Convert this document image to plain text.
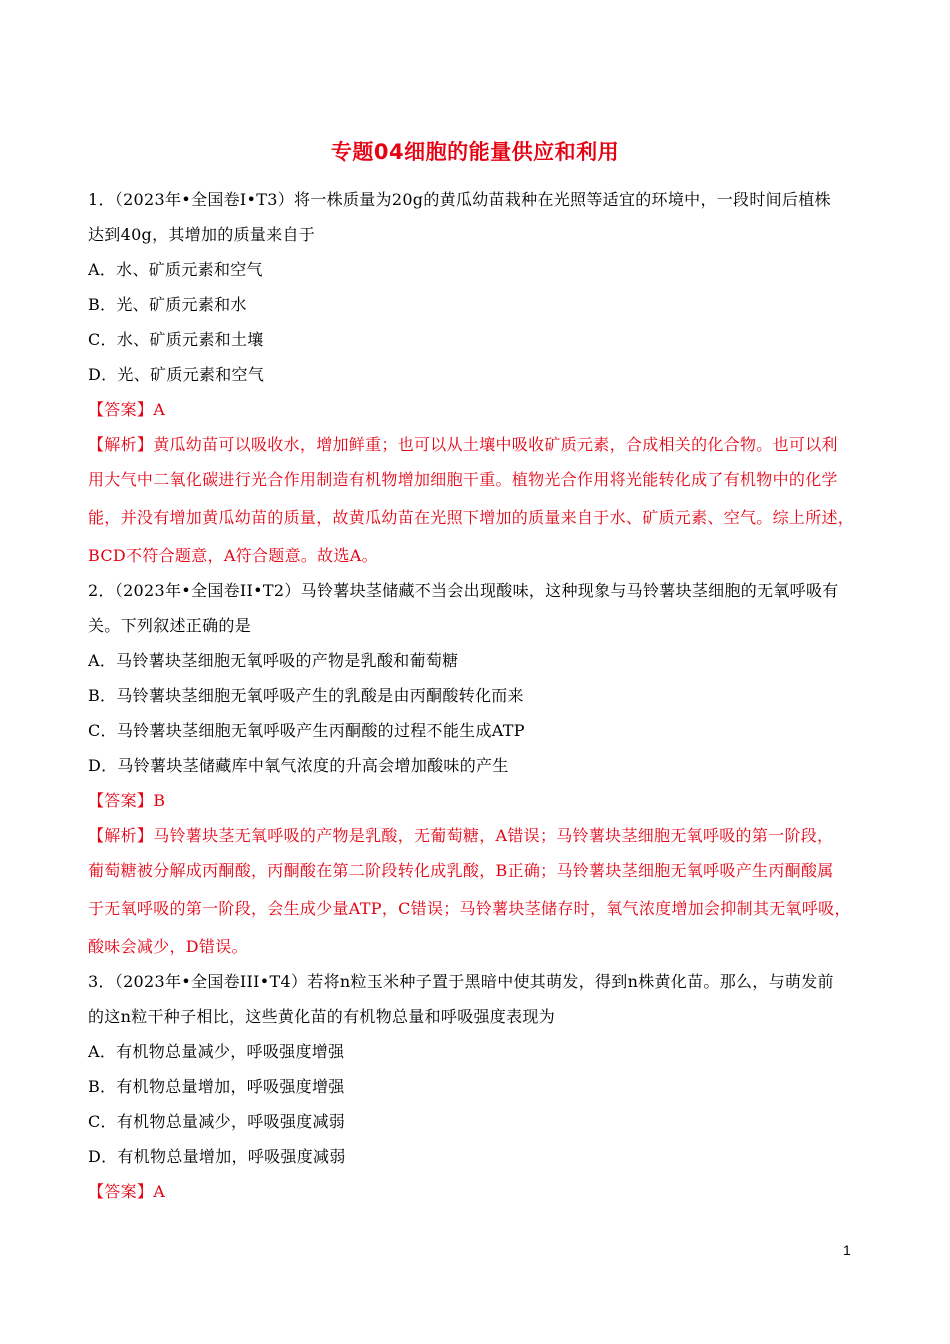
专题04细胞的能量供应和利用
1．（2023年•全国卷Ⅰ•T3）将一株质量为20g的黄瓜幼苗栽种在光照等适宜的环境中，一段时间后植株
达到40g，其增加的质量来自于
A．水、矿质元素和空气
B．光、矿质元素和水
C．水、矿质元素和土壤
D．光、矿质元素和空气
【答案】A
【解析】黄瓜幼苗可以吸收水，增加鲜重；也可以从土壤中吸收矿质元素，合成相关的化合物。也可以利
用大气中二氧化碳进行光合作用制造有机物增加细胞干重。植物光合作用将光能转化成了有机物中的化学
能，并没有增加黄瓜幼苗的质量，故黄瓜幼苗在光照下增加的质量来自于水、矿质元素、空气。综上所述，
BCD不符合题意，A符合题意。故选A。
2．（2023年•全国卷II•T2）马铃薯块茎储藏不当会出现酸味，这种现象与马铃薯块茎细胞的无氧呼吸有
关。下列叙述正确的是
A．马铃薯块茎细胞无氧呼吸的产物是乳酸和葡萄糖
B．马铃薯块茎细胞无氧呼吸产生的乳酸是由丙酮酸转化而来
C．马铃薯块茎细胞无氧呼吸产生丙酮酸的过程不能生成ATP
D．马铃薯块茎储藏库中氧气浓度的升高会增加酸味的产生
【答案】B
【解析】马铃薯块茎无氧呼吸的产物是乳酸，无葡萄糖，A错误；马铃薯块茎细胞无氧呼吸的第一阶段，
葡萄糖被分解成丙酮酸，丙酮酸在第二阶段转化成乳酸，B正确；马铃薯块茎细胞无氧呼吸产生丙酮酸属
于无氧呼吸的第一阶段，会生成少量ATP，C错误；马铃薯块茎储存时，氧气浓度增加会抑制其无氧呼吸，
酸味会减少，D错误。
3．（2023年•全国卷III•T4）若将n粒玉米种子置于黑暗中使其萌发，得到n株黄化苗。那么，与萌发前
的这n粒干种子相比，这些黄化苗的有机物总量和呼吸强度表现为
A．有机物总量减少，呼吸强度增强
B．有机物总量增加，呼吸强度增强
C．有机物总量减少，呼吸强度减弱
D．有机物总量增加，呼吸强度减弱
【答案】A
1
